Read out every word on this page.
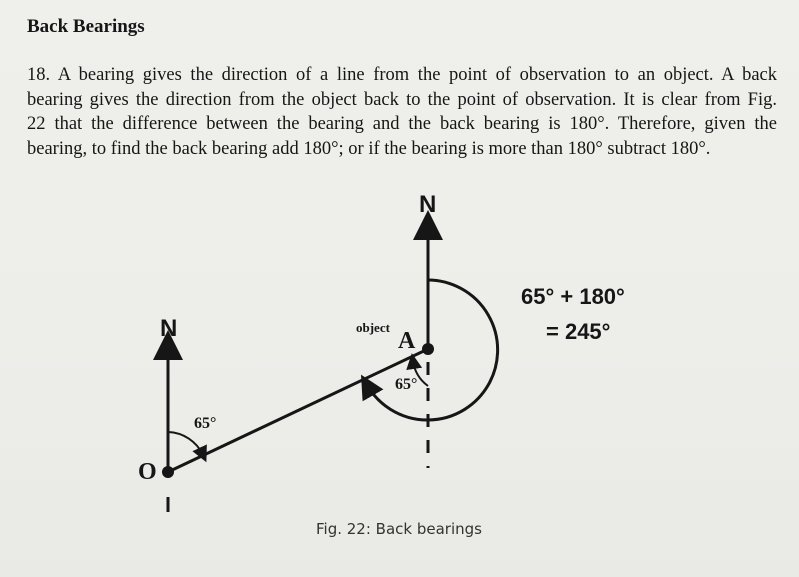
Back Bearings

18. A bearing gives the direction of a line from the point of observation to an object. A back
bearing gives the direction from the object back to the point of observation. It is clear from Fig.
22 that the difference between the bearing and the back bearing is 180°. Therefore, given the
bearing, to find the back bearing add 180°; or if the bearing is more than 180° subtract 180°.

N
N
O
A
object
65°
65°
65° + 180°
= 245°
Fig. 22: Back bearings
